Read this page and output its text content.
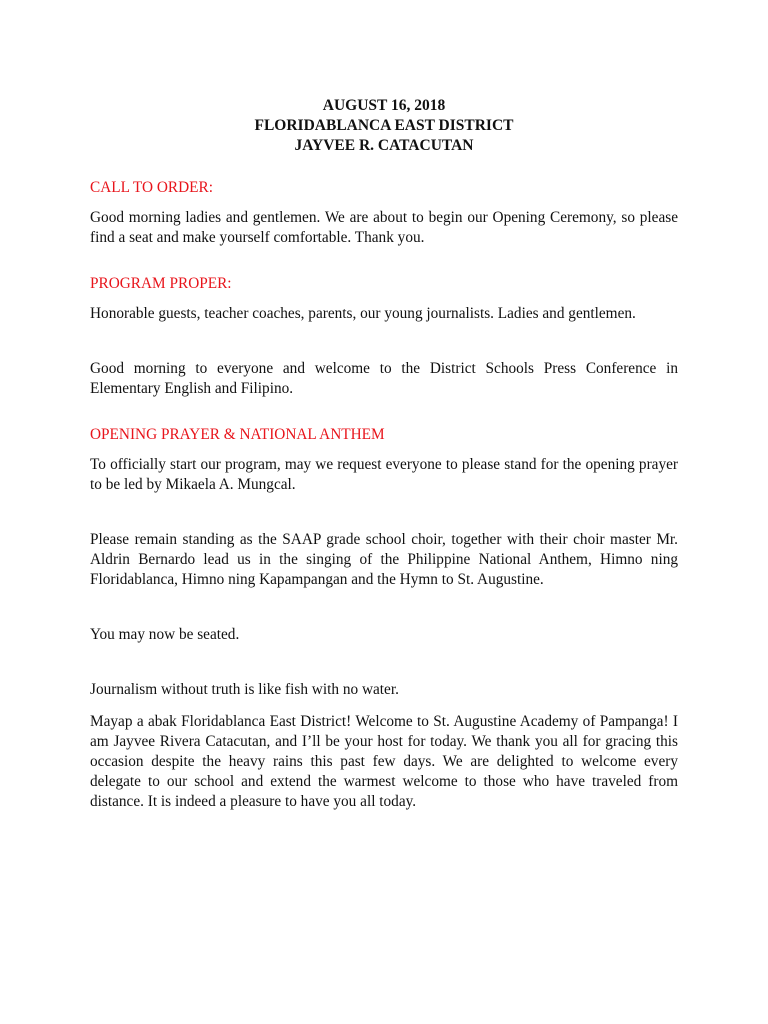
AUGUST 16, 2018
FLORIDABLANCA EAST DISTRICT
JAYVEE R. CATACUTAN
CALL TO ORDER:

Good morning ladies and gentlemen. We are about to begin our Opening Ceremony, so please find a seat and make yourself comfortable. Thank you.

PROGRAM PROPER:

Honorable guests, teacher coaches, parents, our young journalists. Ladies and gentlemen.

Good morning to everyone and welcome to the District Schools Press Conference in Elementary English and Filipino.

OPENING PRAYER & NATIONAL ANTHEM

To officially start our program, may we request everyone to please stand for the opening prayer to be led by Mikaela A. Mungcal.

Please remain standing as the SAAP grade school choir, together with their choir master Mr. Aldrin Bernardo lead us in the singing of the Philippine National Anthem, Himno ning Floridablanca, Himno ning Kapampangan and the Hymn to St. Augustine.

You may now be seated.

Journalism without truth is like fish with no water.

Mayap a abak Floridablanca East District! Welcome to St. Augustine Academy of Pampanga! I am Jayvee Rivera Catacutan, and I’ll be your host for today. We thank you all for gracing this occasion despite the heavy rains this past few days. We are delighted to welcome every delegate to our school and extend the warmest welcome to those who have traveled from distance. It is indeed a pleasure to have you all today.
